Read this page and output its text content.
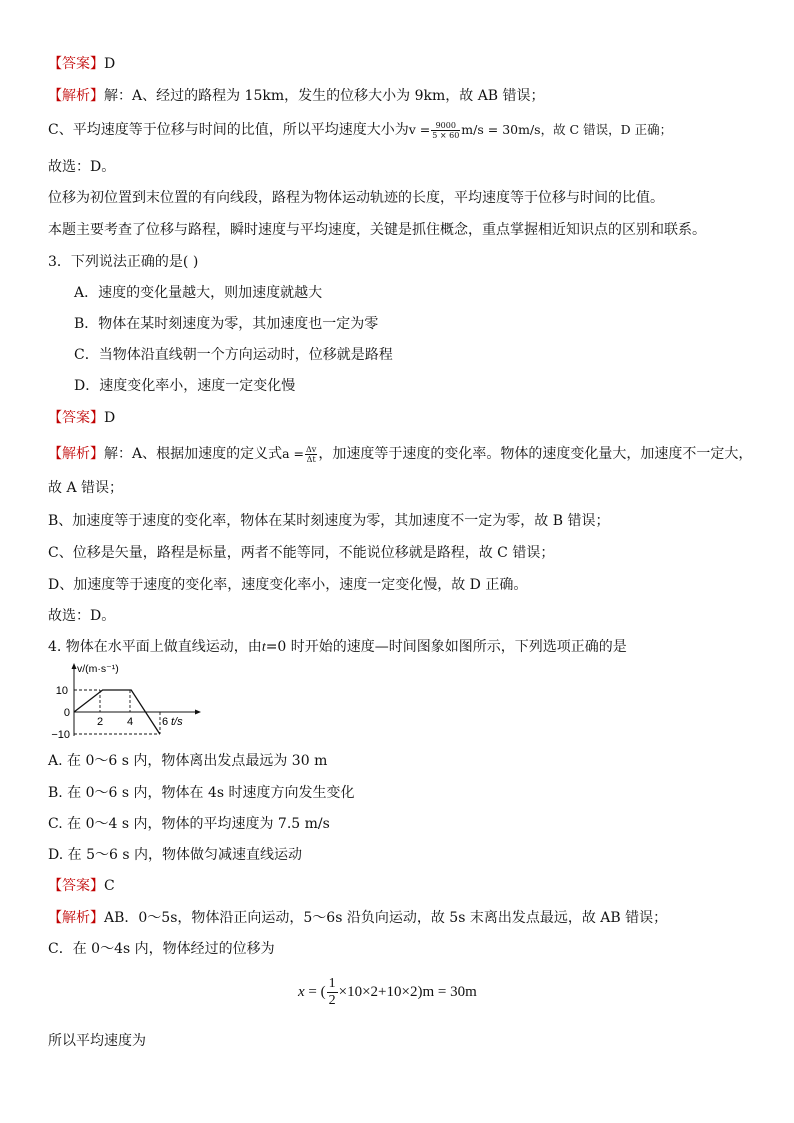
【答案】D
【解析】解：A、经过的路程为 15km，发生的位移大小为 9km，故 AB 错误；
C、平均速度等于位移与时间的比值，所以平均速度大小为$v = \frac{9000}{5 \times 60} m/s = 30m/s$，故 C 错误，D 正确；
故选：D。
位移为初位置到末位置的有向线段，路程为物体运动轨迹的长度，平均速度等于位移与时间的比值。
本题主要考查了位移与路程，瞬时速度与平均速度，关键是抓住概念，重点掌握相近知识点的区别和联系。
3．下列说法正确的是( )
A．速度的变化量越大，则加速度就越大
B．物体在某时刻速度为零，其加速度也一定为零
C．当物体沿直线朝一个方向运动时，位移就是路程
D．速度变化率小，速度一定变化慢
【答案】D
【解析】解：A、根据加速度的定义式$a = \frac{\Delta v}{\Delta t}$ ，加速度等于速度的变化率。物体的速度变化量大，加速度不一定大，
故 A 错误；
B、加速度等于速度的变化率，物体在某时刻速度为零，其加速度不一定为零，故 B 错误；
C、位移是矢量，路程是标量，两者不能等同，不能说位移就是路程，故 C 错误；
D、加速度等于速度的变化率，速度变化率小，速度一定变化慢，故 D 正确。
故选：D。
4. 物体在水平面上做直线运动，由t=0 时开始的速度—时间图象如图所示，下列选项正确的是
v/(m·s⁻¹)
10
0
−10
2 4	6 t/s
A. 在 0～6 s 内，物体离出发点最远为 30 m
B. 在 0～6 s 内，物体在 4s 时速度方向发生变化
C. 在 0～4 s 内，物体的平均速度为 7.5 m/s
D. 在 5～6 s 内，物体做匀减速直线运动
【答案】C
【解析】AB．0～5s，物体沿正向运动，5～6s 沿负向运动，故 5s 末离出发点最远，故 AB 错误；
C．在 0～4s 内，物体经过的位移为
x = ( $\frac{1}{2} \times 10\times 2+10\times 2)m = 30m$
所以平均速度为
